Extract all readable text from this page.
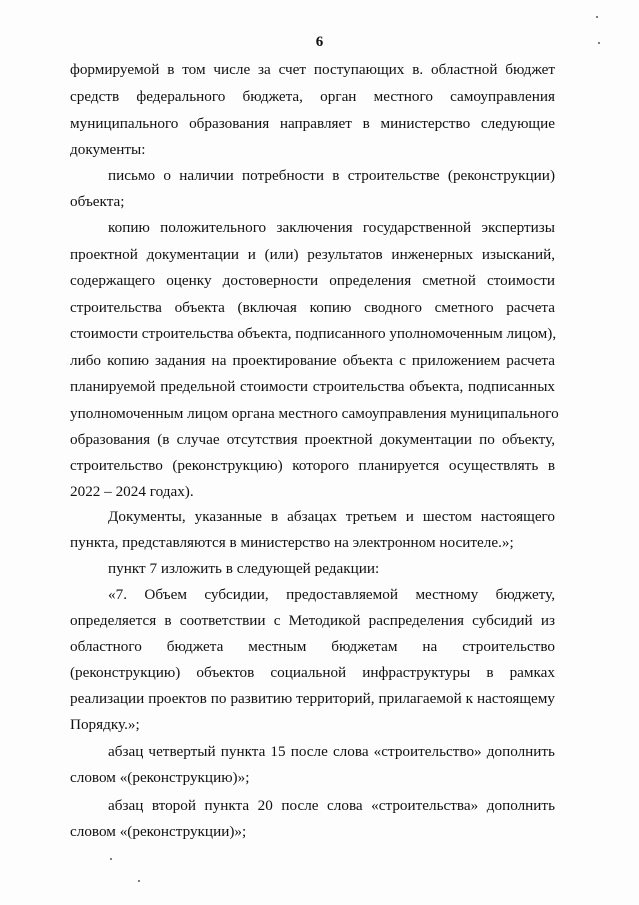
6
формируемой в том числе за счет поступающих в. областной бюджет
средств федерального бюджета, орган местного самоуправления
муниципального образования направляет в министерство следующие
документы:
письмо о наличии потребности в строительстве (реконструкции)
объекта;
копию положительного заключения государственной экспертизы
проектной документации и (или) результатов инженерных изысканий,
содержащего оценку достоверности определения сметной стоимости
строительства объекта (включая копию сводного сметного расчета
стоимости строительства объекта, подписанного уполномоченным лицом),
либо копию задания на проектирование объекта с приложением расчета
планируемой предельной стоимости строительства объекта, подписанных
уполномоченным лицом органа местного самоуправления муниципального
образования (в случае отсутствия проектной документации по объекту,
строительство (реконструкцию) которого планируется осуществлять в
2022 – 2024 годах).
Документы, указанные в абзацах третьем и шестом настоящего
пункта, представляются в министерство на электронном носителе.»;
пункт 7 изложить в следующей редакции:
«7. Объем субсидии, предоставляемой местному бюджету,
определяется в соответствии с Методикой распределения субсидий из
областного бюджета местным бюджетам на строительство
(реконструкцию) объектов социальной инфраструктуры в рамках
реализации проектов по развитию территорий, прилагаемой к настоящему
Порядку.»;
абзац четвертый пункта 15 после слова «строительство» дополнить
словом «(реконструкцию)»;
абзац второй пункта 20 после слова «строительства» дополнить
словом «(реконструкции)»;
